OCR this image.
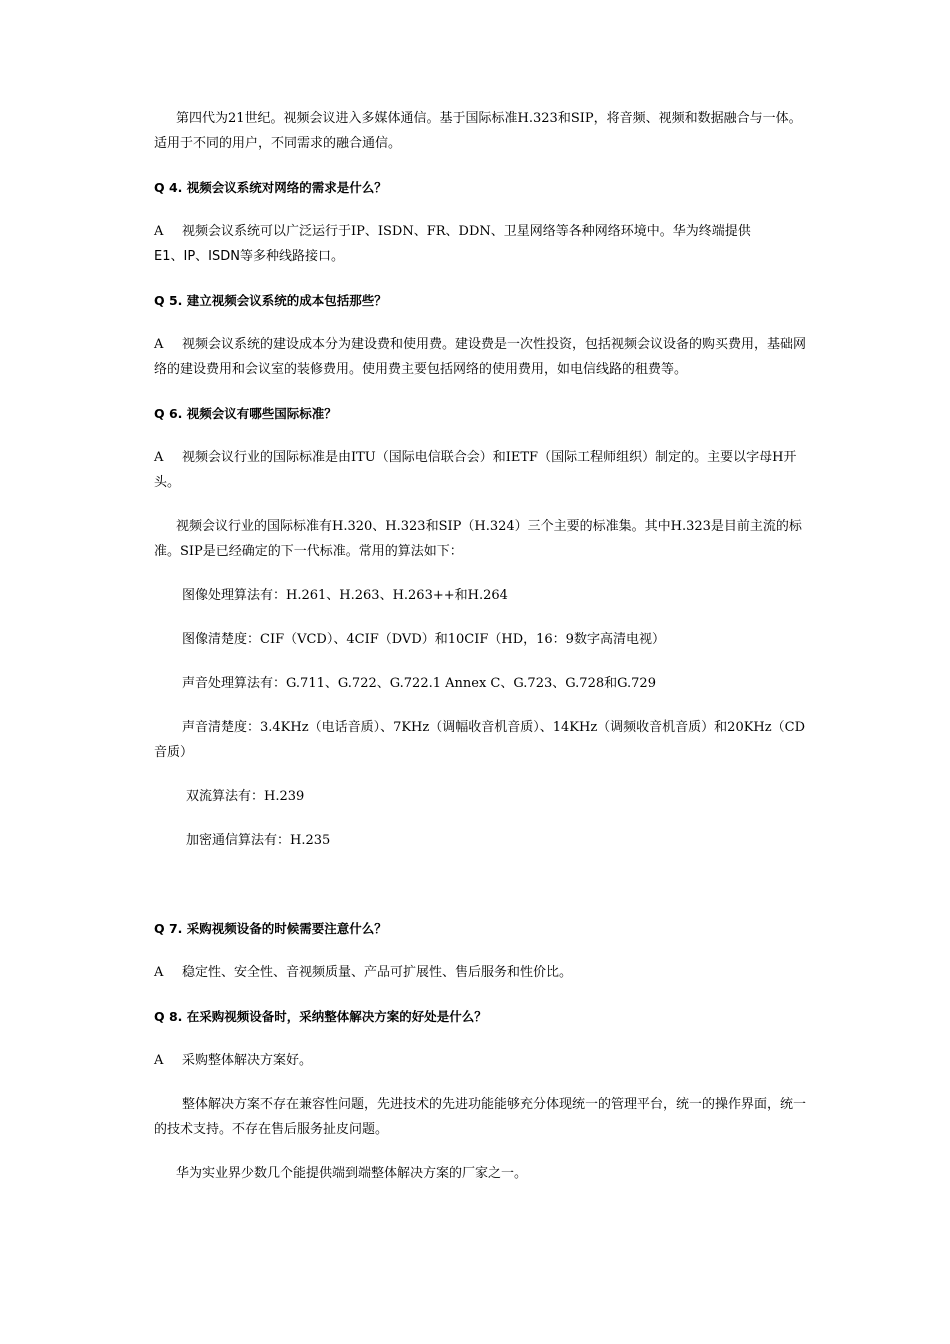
第四代为21世纪。视频会议进入多媒体通信。基于国际标准H.323和SIP，将音频、视频和数据融合与一体。适用于不同的用户，不同需求的融合通信。

Q 4. 视频会议系统对网络的需求是什么？

A 视频会议系统可以广泛运行于IP、ISDN、FR、DDN、卫星网络等各种网络环境中。华为终端提供
E1、IP、ISDN等多种线路接口。

Q 5. 建立视频会议系统的成本包括那些？

A 视频会议系统的建设成本分为建设费和使用费。建设费是一次性投资，包括视频会议设备的购买费用，基础网络的建设费用和会议室的装修费用。使用费主要包括网络的使用费用，如电信线路的租费等。

Q 6. 视频会议有哪些国际标准？

A 视频会议行业的国际标准是由ITU（国际电信联合会）和IETF（国际工程师组织）制定的。主要以字母H开头。

视频会议行业的国际标准有H.320、H.323和SIP（H.324）三个主要的标准集。其中H.323是目前主流的标准。SIP是已经确定的下一代标准。常用的算法如下：

图像处理算法有：H.261、H.263、H.263++和H.264

图像清楚度：CIF（VCD）、4CIF（DVD）和10CIF（HD，16：9数字高清电视）

声音处理算法有：G.711、G.722、G.722.1 Annex C、G.723、G.728和G.729

声音清楚度：3.4KHz（电话音质）、7KHz（调幅收音机音质）、14KHz（调频收音机音质）和20KHz（CD音质）

双流算法有：H.239

加密通信算法有：H.235

Q 7. 采购视频设备的时候需要注意什么？

A 稳定性、安全性、音视频质量、产品可扩展性、售后服务和性价比。

Q 8. 在采购视频设备时，采纳整体解决方案的好处是什么？

A 采购整体解决方案好。

整体解决方案不存在兼容性问题，先进技术的先进功能能够充分体现统一的管理平台，统一的操作界面，统一的技术支持。不存在售后服务扯皮问题。

华为实业界少数几个能提供端到端整体解决方案的厂家之一。
